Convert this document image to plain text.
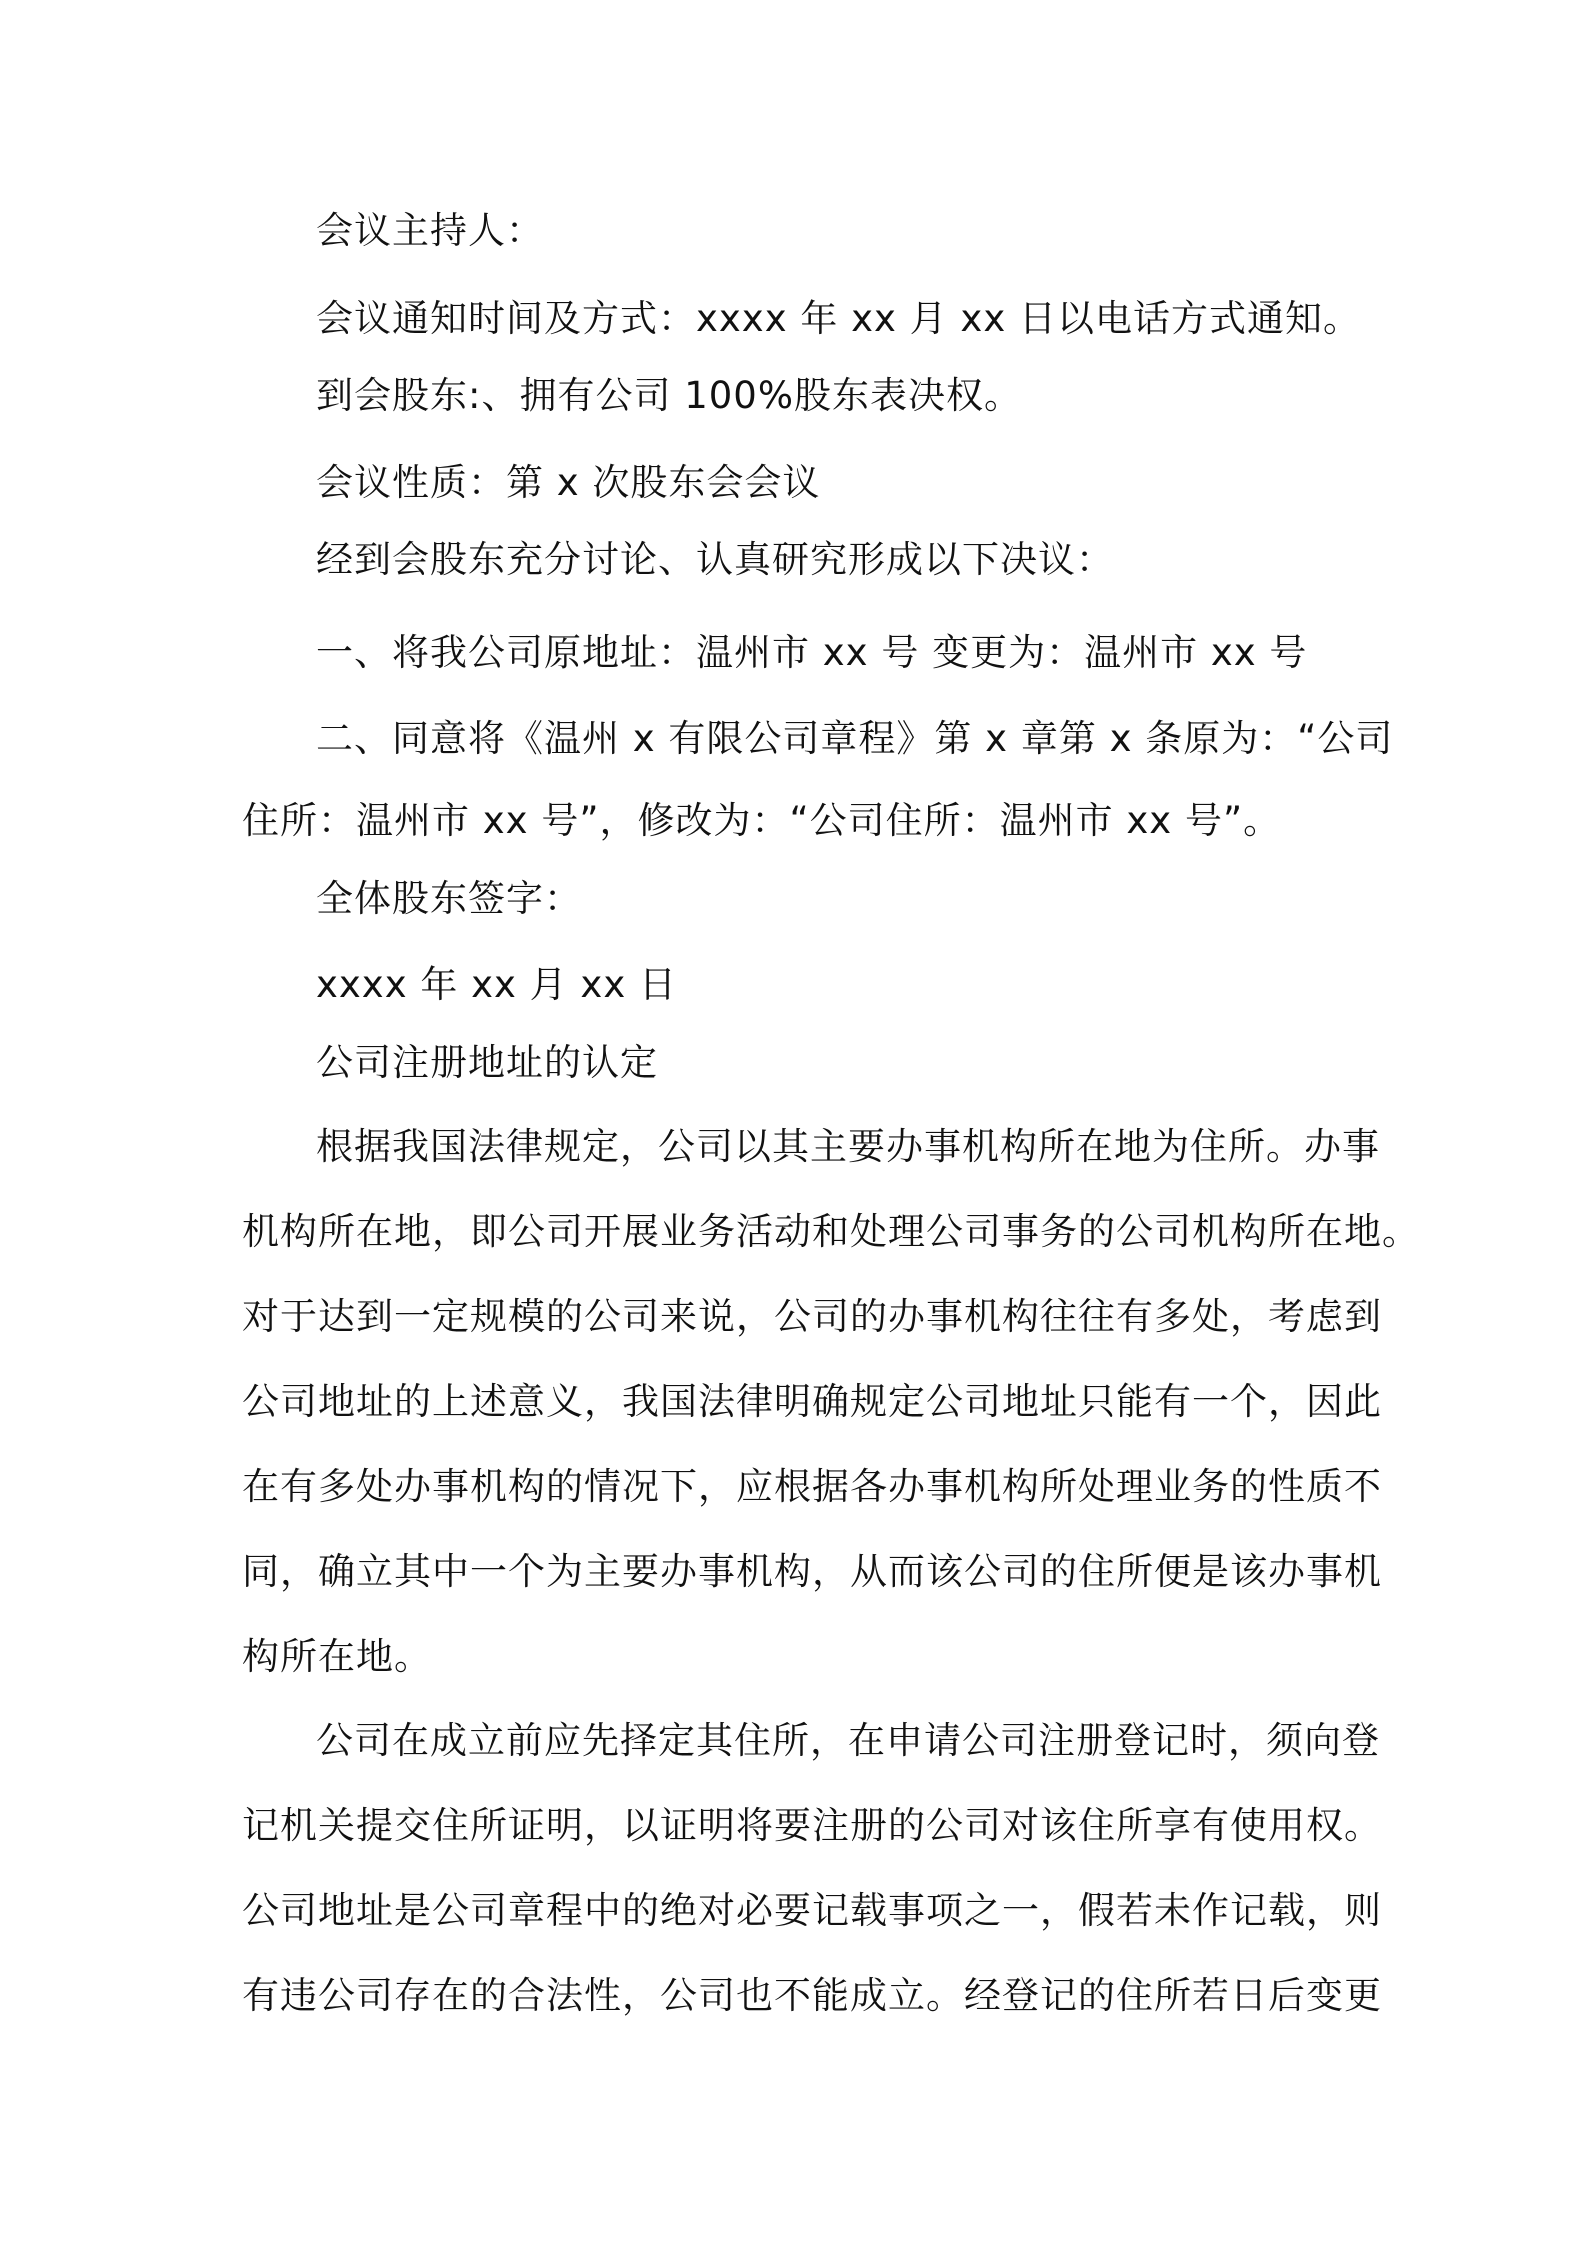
会议主持人：
会议通知时间及方式：xxxx 年 xx 月 xx 日以电话方式通知。
到会股东:、拥有公司 100%股东表决权。
会议性质：第 x 次股东会会议
经到会股东充分讨论、认真研究形成以下决议：
一、将我公司原地址：温州市 xx 号 变更为：温州市 xx 号
二、同意将《温州 x 有限公司章程》第 x 章第 x 条原为：“公司
住所：温州市 xx 号”，修改为：“公司住所：温州市 xx 号”。
全体股东签字：
xxxx 年 xx 月 xx 日
公司注册地址的认定
根据我国法律规定，公司以其主要办事机构所在地为住所。办事
机构所在地，即公司开展业务活动和处理公司事务的公司机构所在地。
对于达到一定规模的公司来说，公司的办事机构往往有多处，考虑到
公司地址的上述意义，我国法律明确规定公司地址只能有一个，因此
在有多处办事机构的情况下，应根据各办事机构所处理业务的性质不
同，确立其中一个为主要办事机构，从而该公司的住所便是该办事机
构所在地。
公司在成立前应先择定其住所，在申请公司注册登记时，须向登
记机关提交住所证明，以证明将要注册的公司对该住所享有使用权。
公司地址是公司章程中的绝对必要记载事项之一，假若未作记载，则
有违公司存在的合法性，公司也不能成立。经登记的住所若日后变更
